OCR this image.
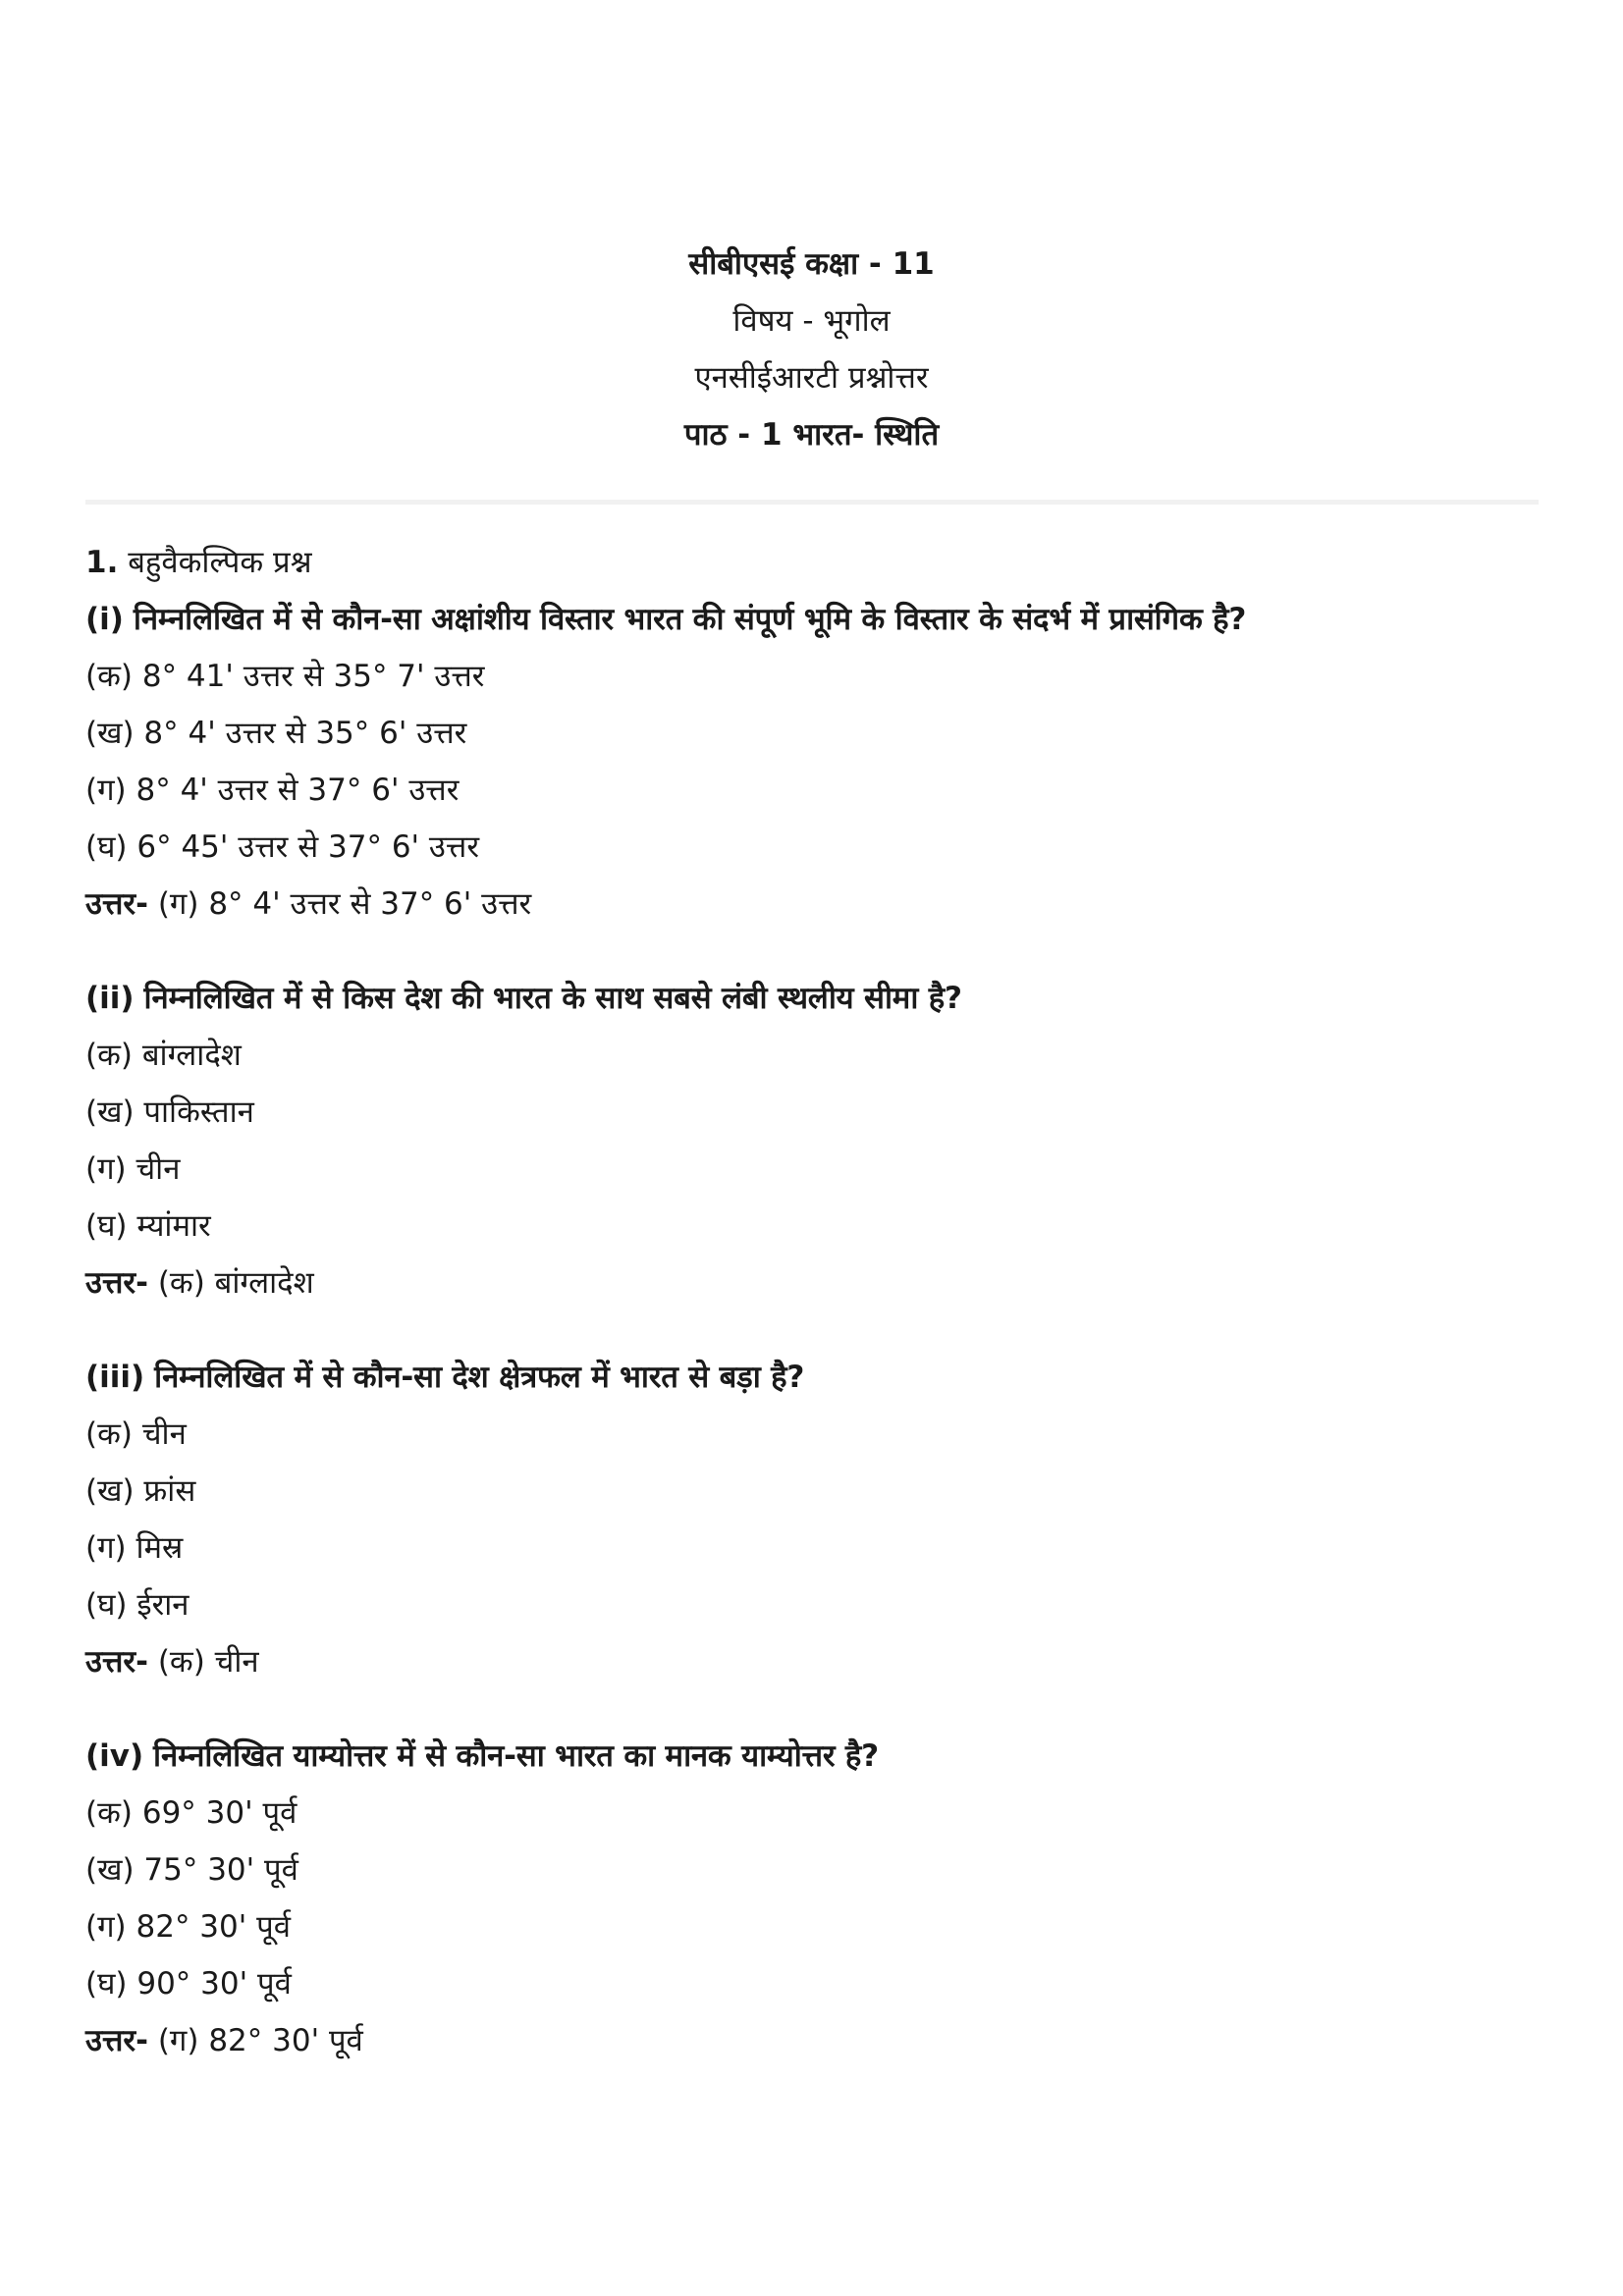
सीबीएसई कक्षा - 11
विषय - भूगोल
एनसीईआरटी प्रश्नोत्तर
पाठ - 1 भारत- स्थिति
1. बहुवैकल्पिक प्रश्न
(i) निम्नलिखित में से कौन-सा अक्षांशीय विस्तार भारत की संपूर्ण भूमि के विस्तार के संदर्भ में प्रासंगिक है?
(क) 8° 41' उत्तर से 35° 7' उत्तर
(ख) 8° 4' उत्तर से 35° 6' उत्तर
(ग) 8° 4' उत्तर से 37° 6' उत्तर
(घ) 6° 45' उत्तर से 37° 6' उत्तर
उत्तर- (ग) 8° 4' उत्तर से 37° 6' उत्तर
(ii) निम्नलिखित में से किस देश की भारत के साथ सबसे लंबी स्थलीय सीमा है?
(क) बांग्लादेश
(ख) पाकिस्तान
(ग) चीन
(घ) म्यांमार
उत्तर- (क) बांग्लादेश
(iii) निम्नलिखित में से कौन-सा देश क्षेत्रफल में भारत से बड़ा है?
(क) चीन
(ख) फ्रांस
(ग) मिस्र
(घ) ईरान
उत्तर- (क) चीन
(iv) निम्नलिखित याम्योत्तर में से कौन-सा भारत का मानक याम्योत्तर है?
(क) 69° 30' पूर्व
(ख) 75° 30' पूर्व
(ग) 82° 30' पूर्व
(घ) 90° 30' पूर्व
उत्तर- (ग) 82° 30' पूर्व
